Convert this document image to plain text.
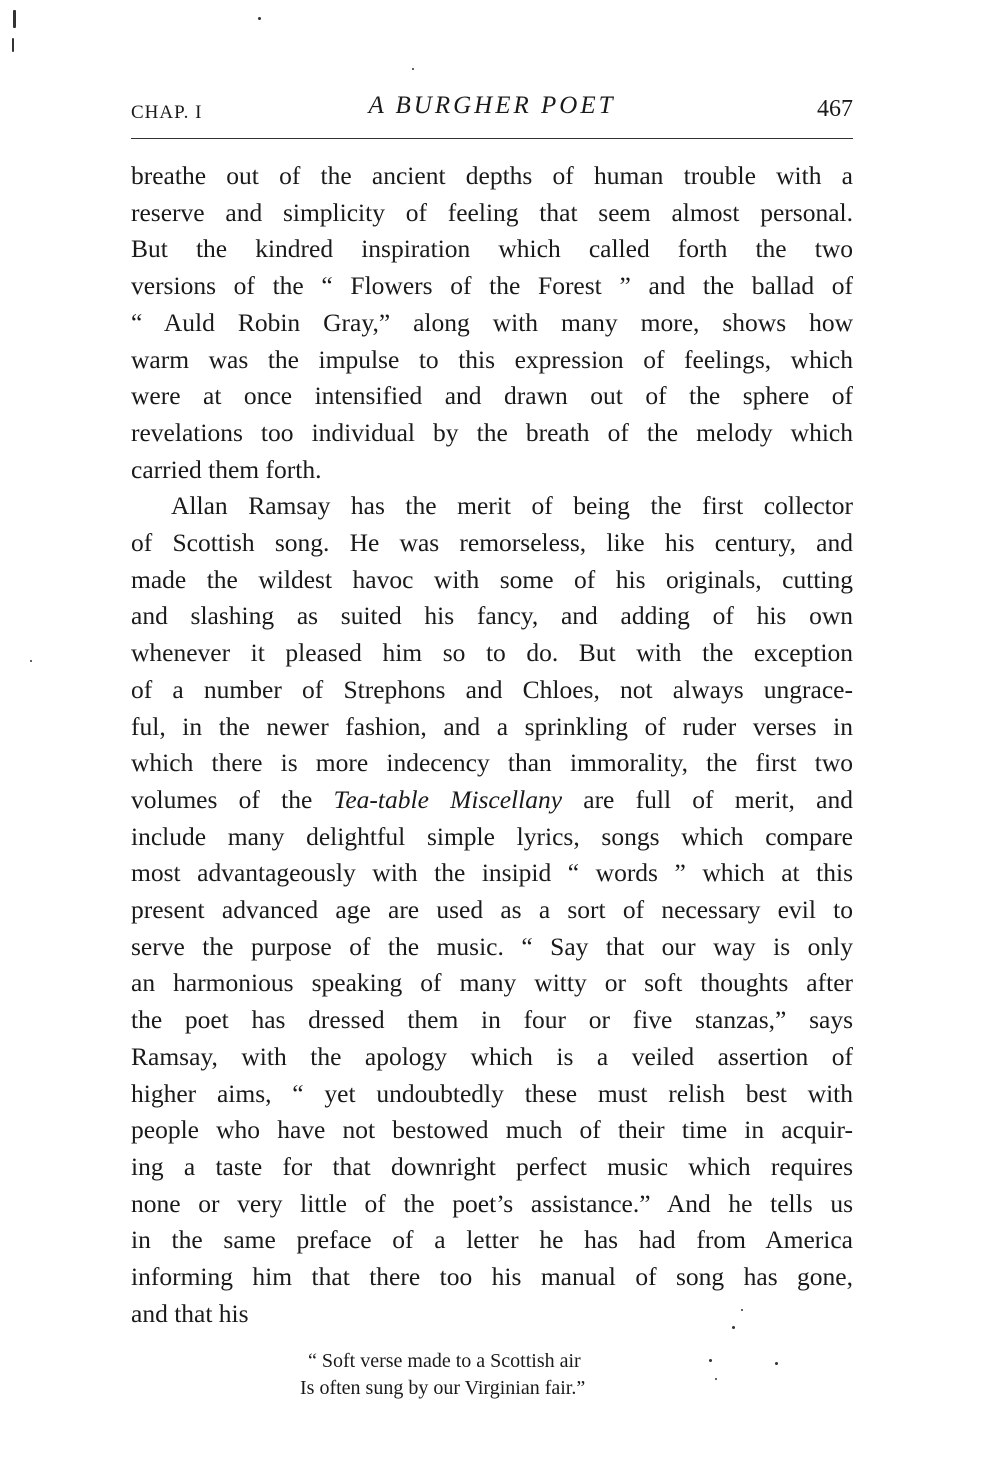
CHAP. I	A BURGHER POET	467

breathe out of the ancient depths of human trouble with a
reserve and simplicity of feeling that seem almost personal.
But the kindred inspiration which called forth the two
versions of the “ Flowers of the Forest ” and the ballad of
“ Auld Robin Gray,” along with many more, shows how
warm was the impulse to this expression of feelings, which
were at once intensified and drawn out of the sphere of
revelations too individual by the breath of the melody which
carried them forth.

Allan Ramsay has the merit of being the first collector
of Scottish song. He was remorseless, like his century, and
made the wildest havoc with some of his originals, cutting
and slashing as suited his fancy, and adding of his own
whenever it pleased him so to do. But with the exception
of a number of Strephons and Chloes, not always ungrace-
ful, in the newer fashion, and a sprinkling of ruder verses in
which there is more indecency than immorality, the first two
volumes of the Tea-table Miscellany are full of merit, and
include many delightful simple lyrics, songs which compare
most advantageously with the insipid “ words ” which at this
present advanced age are used as a sort of necessary evil to
serve the purpose of the music. “ Say that our way is only
an harmonious speaking of many witty or soft thoughts after
the poet has dressed them in four or five stanzas,” says
Ramsay, with the apology which is a veiled assertion of
higher aims, “ yet undoubtedly these must relish best with
people who have not bestowed much of their time in acquir-
ing a taste for that downright perfect music which requires
none or very little of the poet’s assistance.” And he tells us
in the same preface of a letter he has had from America
informing him that there too his manual of song has gone,
and that his

“ Soft verse made to a Scottish air
Is often sung by our Virginian fair.”
